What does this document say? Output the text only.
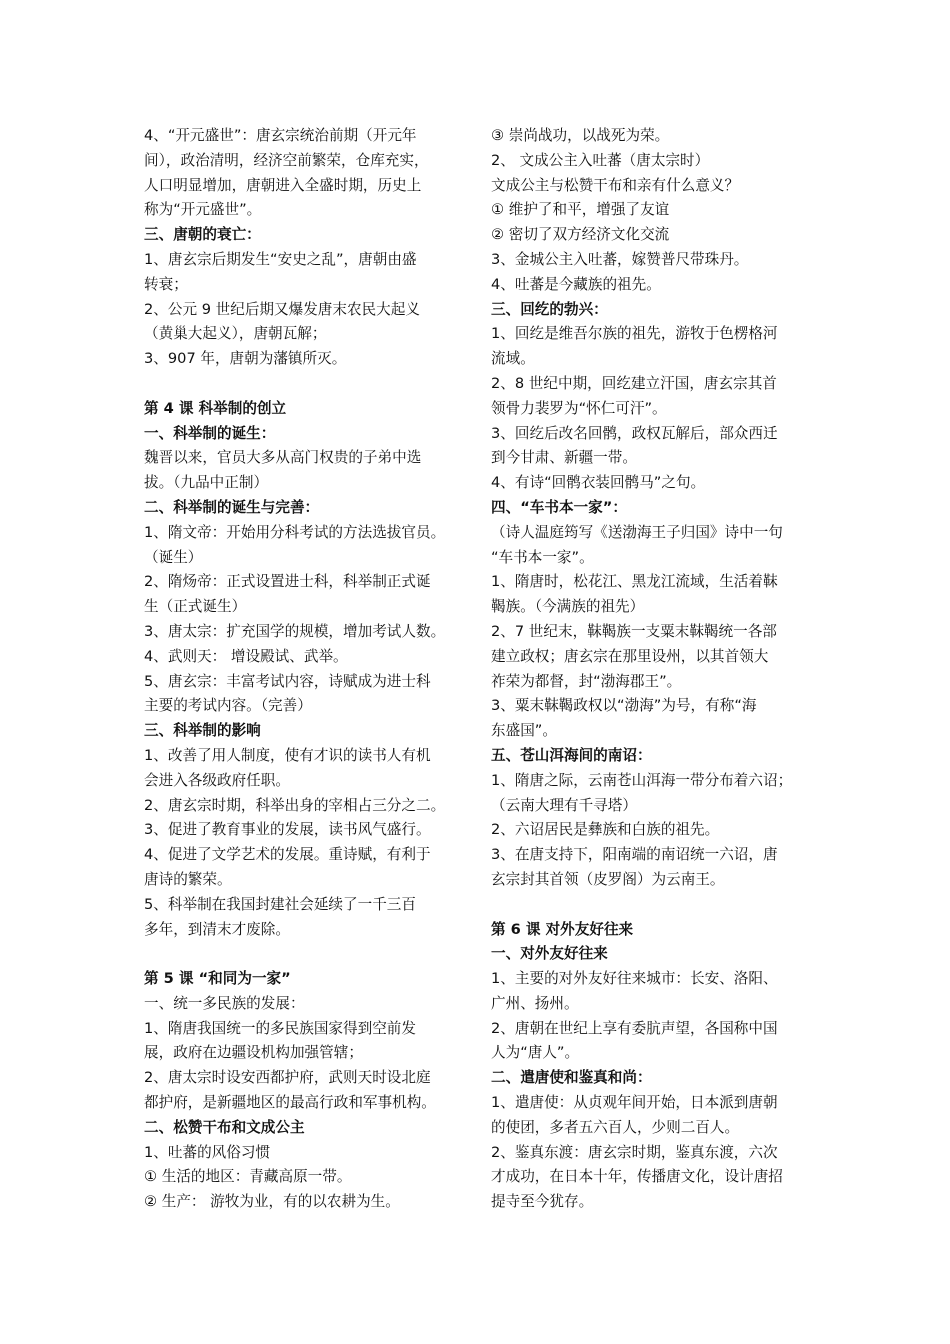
4、“开元盛世”：唐玄宗统治前期（开元年
间），政治清明，经济空前繁荣，仓库充实，
人口明显增加，唐朝进入全盛时期，历史上
称为“开元盛世”。
三、唐朝的衰亡：
1、唐玄宗后期发生“安史之乱”，唐朝由盛
转衰；
2、公元 9 世纪后期又爆发唐末农民大起义
（黄巢大起义），唐朝瓦解；
3、907 年，唐朝为藩镇所灭。
第 4 课 科举制的创立
一、科举制的诞生：
魏晋以来，官员大多从高门权贵的子弟中选
拔。（九品中正制）
二、科举制的诞生与完善：
1、隋文帝：开始用分科考试的方法选拔官员。
（诞生）
2、隋炀帝：正式设置进士科，科举制正式诞
生（正式诞生）
3、唐太宗：扩充国学的规模，增加考试人数。
4、武则天： 增设殿试、武举。
5、唐玄宗：丰富考试内容，诗赋成为进士科
主要的考试内容。（完善）
三、科举制的影响
1、改善了用人制度，使有才识的读书人有机
会进入各级政府任职。
2、唐玄宗时期，科举出身的宰相占三分之二。
3、促进了教育事业的发展，读书风气盛行。
4、促进了文学艺术的发展。重诗赋，有利于
唐诗的繁荣。
5、科举制在我国封建社会延续了一千三百
多年，到清末才废除。
第 5 课 “和同为一家”
一、统一多民族的发展：
1、隋唐我国统一的多民族国家得到空前发
展，政府在边疆设机构加强管辖；
2、唐太宗时设安西都护府，武则天时设北庭
都护府，是新疆地区的最高行政和军事机构。
二、松赞干布和文成公主
1、吐蕃的风俗习惯
① 生活的地区：青藏高原一带。
② 生产： 游牧为业，有的以农耕为生。
③ 崇尚战功，以战死为荣。
2、 文成公主入吐蕃（唐太宗时）
文成公主与松赞干布和亲有什么意义？
① 维护了和平，增强了友谊
② 密切了双方经济文化交流
3、金城公主入吐蕃，嫁赞普尺带珠丹。
4、吐蕃是今藏族的祖先。
三、回纥的勃兴：
1、回纥是维吾尔族的祖先，游牧于色楞格河
流域。
2、8 世纪中期，回纥建立汗国，唐玄宗其首
领骨力裴罗为“怀仁可汗”。
3、回纥后改名回鹘，政权瓦解后，部众西迁
到今甘肃、新疆一带。
4、有诗“回鹘衣装回鹘马”之句。
四、“车书本一家”：
（诗人温庭筠写《送渤海王子归国》诗中一句
“车书本一家”。
1、隋唐时，松花江、黑龙江流域，生活着靺
鞨族。（今满族的祖先）
2、7 世纪末，靺鞨族一支粟末靺鞨统一各部
建立政权；唐玄宗在那里设州，以其首领大
祚荣为都督，封“渤海郡王”。
3、粟末靺鞨政权以“渤海”为号，有称“海
东盛国”。
五、苍山洱海间的南诏：
1、隋唐之际，云南苍山洱海一带分布着六诏；
（云南大理有千寻塔）
2、六诏居民是彝族和白族的祖先。
3、在唐支持下，阳南端的南诏统一六诏，唐
玄宗封其首领（皮罗阁）为云南王。
第 6 课 对外友好往来
一、对外友好往来
1、主要的对外友好往来城市：长安、洛阳、
广州、扬州。
2、唐朝在世纪上享有委肮声望，各国称中国
人为“唐人”。
二、遣唐使和鉴真和尚：
1、遣唐使：从贞观年间开始，日本派到唐朝
的使团，多者五六百人，少则二百人。
2、鉴真东渡：唐玄宗时期，鉴真东渡，六次
才成功，在日本十年，传播唐文化，设计唐招
提寺至今犹存。
